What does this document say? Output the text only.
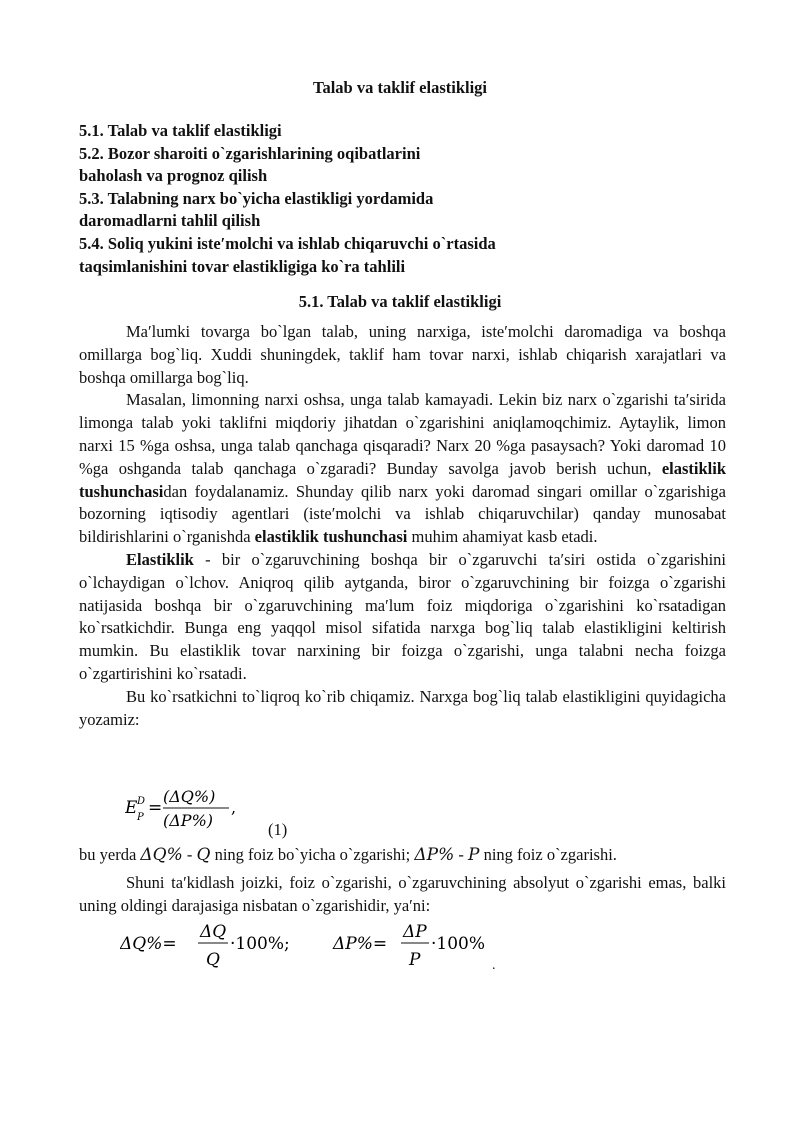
Talab va taklif elastikligi
5.1. Talab va taklif elastikligi
5.2. Bozor sharoiti o`zgarishlarining oqibatlarini
baholash va prognoz qilish
5.3. Talabning narx bo`yicha elastikligi yordamida
daromadlarni tahlil qilish
5.4. Soliq yukini iste′molchi va ishlab chiqaruvchi o`rtasida
taqsimlanishini tovar elastikligiga ko`ra tahlili
5.1. Talab va taklif elastikligi

Ma′lumki tovarga bo`lgan talab, uning narxiga, iste′molchi daromadiga va boshqa omillarga bog`liq. Xuddi shuningdek, taklif ham tovar narxi, ishlab chiqarish xarajatlari va boshqa omillarga bog`liq.

Masalan, limonning narxi oshsa, unga talab kamayadi. Lekin biz narx o`zgarishi ta′sirida limonga talab yoki taklifni miqdoriy jihatdan o`zgarishini aniqlamoqchimiz. Aytaylik, limon narxi 15 %ga oshsa, unga talab qanchaga qisqaradi? Narx 20 %ga pasaysach? Yoki daromad 10 %ga oshganda talab qanchaga o`zgaradi? Bunday savolga javob berish uchun, elastiklik tushunchasidan foydalanamiz. Shunday qilib narx yoki daromad singari omillar o`zgarishiga bozorning iqtisodiy agentlari (iste′molchi va ishlab chiqaruvchilar) qanday munosabat bildirishlarini o`rganishda elastiklik tushunchasi muhim ahamiyat kasb etadi.

Elastiklik - bir o`zgaruvchining boshqa bir o`zgaruvchi ta′siri ostida o`zgarishini o`lchaydigan o`lchov. Aniqroq qilib aytganda, biror o`zgaruvchining bir foizga o`zgarishi natijasida boshqa bir o`zgaruvchining ma′lum foiz miqdoriga o`zgarishini ko`rsatadigan ko`rsatkichdir. Bunga eng yaqqol misol sifatida narxga bog`liq talab elastikligini keltirish mumkin. Bu elastiklik tovar narxining bir foizga o`zgarishi, unga talabni necha foizga o`zgartirishini ko`rsatadi.

Bu ko`rsatkichni to`liqroq ko`rib chiqamiz. Narxga bog`liq talab elastikligini quyidagicha yozamiz:

E D
P =
(ΔQ%)
(ΔP%)
,
(1)
bu yerda ΔQ% - Q ning foiz bo`yicha o`zgarishi; ΔP% - P ning foiz o`zgarishi.

Shuni ta′kidlash joizki, foiz o`zgarishi, o`zgaruvchining absolyut o`zgarishi emas, balki uning oldingi darajasiga nisbatan o`zgarishidir, ya′ni:

ΔQ%=
ΔQ
Q
·100%;	ΔP%=
ΔP
P
·100%
.
